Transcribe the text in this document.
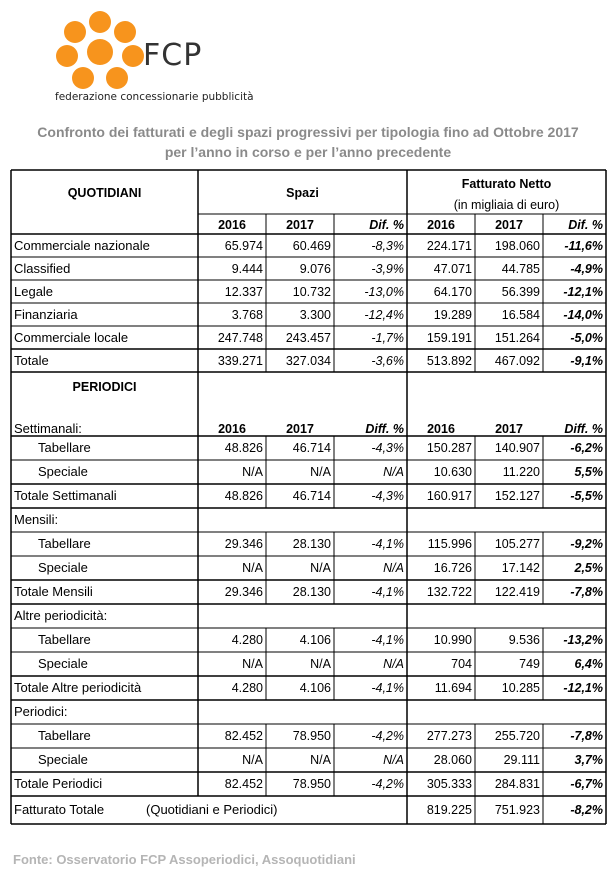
FCP
federazione concessionarie pubblicità
Confronto dei fatturati e degli spazi progressivi per tipologia fino ad Ottobre 2017
per l’anno in corso e per l’anno precedente
QUOTIDIANI	Spazi
Fatturato Netto
(in migliaia di euro)
2016	2017	Dif. %	2016	2017	Dif. %
Commerciale nazionale	65.974	60.469	-8,3%	224.171	198.060	-11,6%
Classified	9.444	9.076	-3,9%	47.071	44.785	-4,9%
Legale	12.337	10.732	-13,0%	64.170	56.399	-12,1%
Finanziaria	3.768	3.300	-12,4%	19.289	16.584	-14,0%
Commerciale locale	247.748	243.457	-1,7%	159.191	151.264	-5,0%
Totale	339.271	327.034	-3,6%	513.892	467.092	-9,1%
PERIODICI
Settimanali:	2016	2017	Diff. %	2016	2017	Diff. %
Tabellare	48.826	46.714	-4,3%	150.287	140.907	-6,2%
Speciale	N/A	N/A	N/A	10.630	11.220	5,5%
Totale Settimanali	48.826	46.714	-4,3%	160.917	152.127	-5,5%
Mensili:
Tabellare	29.346	28.130	-4,1%	115.996	105.277	-9,2%
Speciale	N/A	N/A	N/A	16.726	17.142	2,5%
Totale Mensili	29.346	28.130	-4,1%	132.722	122.419	-7,8%
Altre periodicità:
Tabellare	4.280	4.106	-4,1%	10.990	9.536	-13,2%
Speciale	N/A	N/A	N/A	704	749	6,4%
Totale Altre periodicità	4.280	4.106	-4,1%	11.694	10.285	-12,1%
Periodici:
Tabellare	82.452	78.950	-4,2%	277.273	255.720	-7,8%
Speciale	N/A	N/A	N/A	28.060	29.111	3,7%
Totale Periodici	82.452	78.950	-4,2%	305.333	284.831	-6,7%
Fatturato Totale	(Quotidiani e Periodici)	819.225	751.923	-8,2%
Fonte: Osservatorio FCP Assoperiodici, Assoquotidiani
